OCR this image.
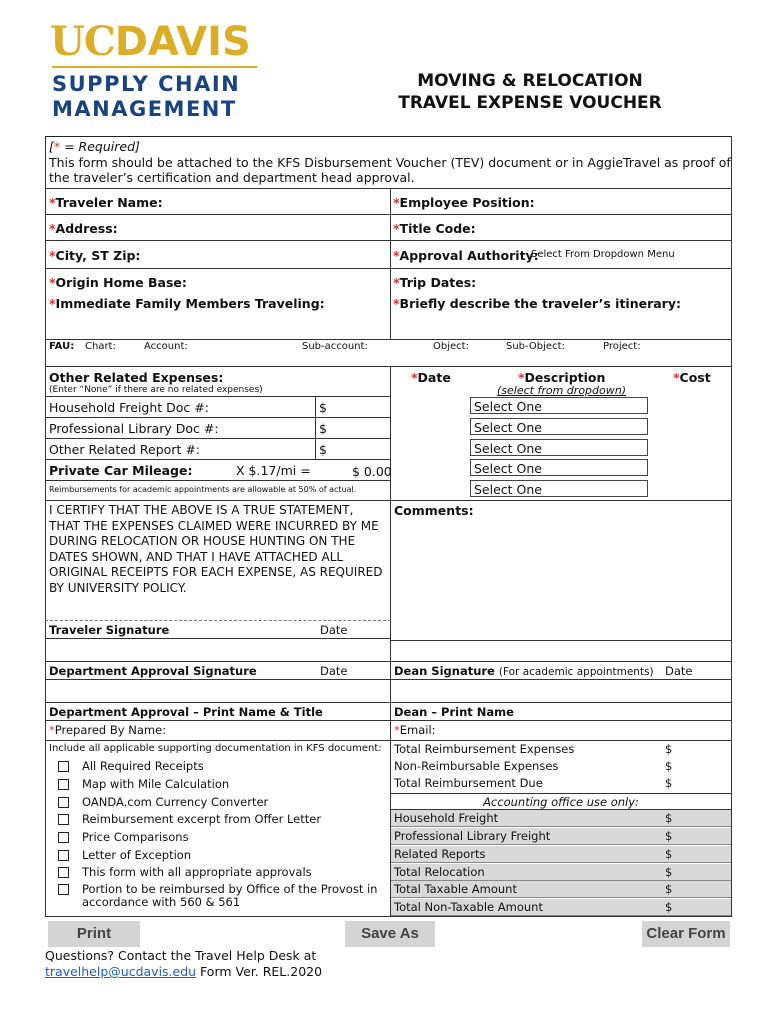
UCDAVIS
SUPPLY CHAIN
MANAGEMENT
MOVING & RELOCATION
TRAVEL EXPENSE VOUCHER
[* = Required]
This form should be attached to the KFS Disbursement Voucher (TEV) document or in AggieTravel as proof of
the traveler’s certification and department head approval.
*Traveler Name:	*Employee Position:
*Address:	*Title Code:
*City, ST Zip:	*Approval Authority:
Select From Dropdown Menu
*Origin Home Base:	*Trip Dates:
*Immediate Family Members Traveling:	*Briefly describe the traveler’s itinerary:
FAU: Chart:	Account:	Sub-account:	Object:	Sub-Object:	Project:
Other Related Expenses:
(Enter “None” if there are no related expenses)
Household Freight Doc #:	$
Professional Library Doc #:	$
Other Related Report #:	$
Private Car Mileage:	X $.17/mi =	$ 0.00
Reimbursements for academic appointments are allowable at 50% of actual.
*Date	*Description	*Cost
(select from dropdown)
Select One
Select One
Select One
Select One
Select One
I CERTIFY THAT THE ABOVE IS A TRUE STATEMENT,
THAT THE EXPENSES CLAIMED WERE INCURRED BY ME
DURING RELOCATION OR HOUSE HUNTING ON THE
DATES SHOWN, AND THAT I HAVE ATTACHED ALL
ORIGINAL RECEIPTS FOR EACH EXPENSE, AS REQUIRED
BY UNIVERSITY POLICY.
Comments:
Traveler Signature	Date
Department Approval Signature	Date	Dean Signature (For academic appointments) Date
Department Approval – Print Name & Title	Dean – Print Name
*Prepared By Name:	*Email:
Include all applicable supporting documentation in KFS document:
All Required Receipts
Map with Mile Calculation
OANDA.com Currency Converter
Reimbursement excerpt from Offer Letter
Price Comparisons
Letter of Exception
This form with all appropriate approvals
Portion to be reimbursed by Office of the Provost in
accordance with 560 & 561
Total Reimbursement Expenses	$
Non-Reimbursable Expenses	$
Total Reimbursement Due	$
Household Freight	$
Professional Library Freight	$
Related Reports	$
Total Relocation	$
Total Taxable Amount	$
Total Non-Taxable Amount	$
Accounting office use only:
Print	Save As	Clear Form
Questions? Contact the Travel Help Desk at
travelhelp@ucdavis.edu Form Ver. REL.2020
